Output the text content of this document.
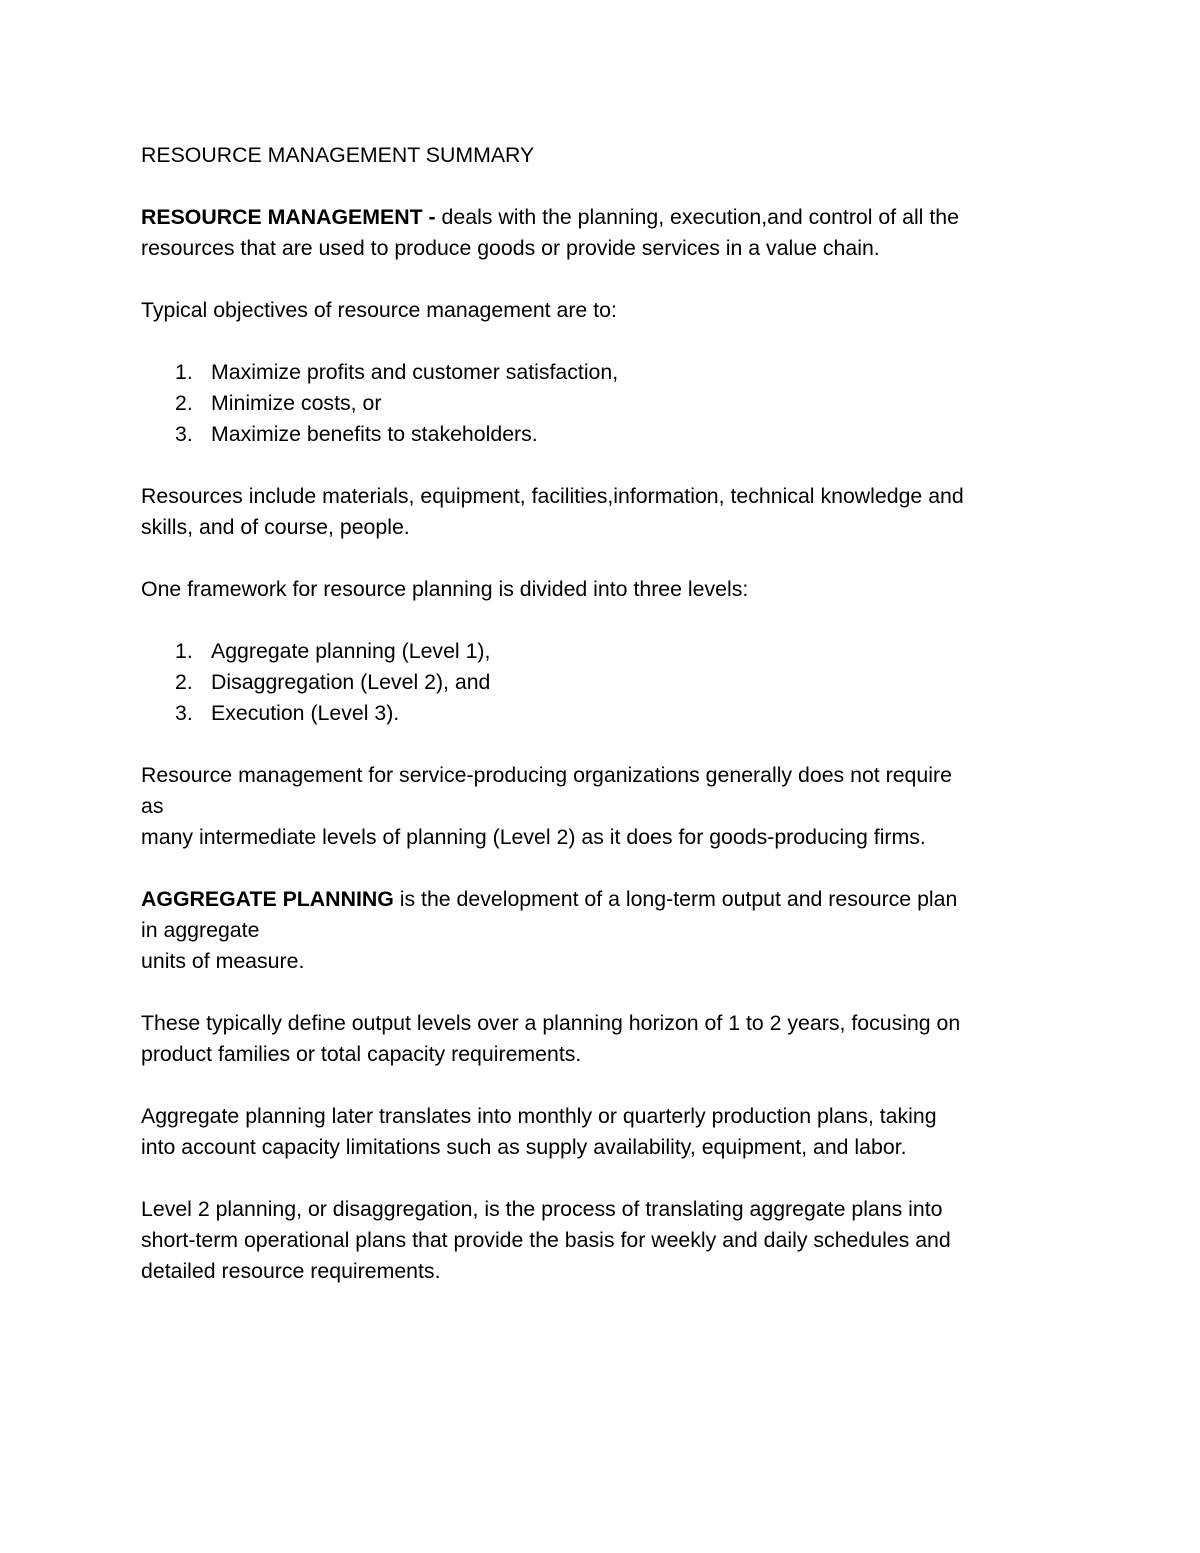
RESOURCE MANAGEMENT SUMMARY
RESOURCE MANAGEMENT - deals with the planning, execution,and control of all the
resources that are used to produce goods or provide services in a value chain.
Typical objectives of resource management are to:
1. Maximize profits and customer satisfaction,
2. Minimize costs, or
3. Maximize benefits to stakeholders.
Resources include materials, equipment, facilities,information, technical knowledge and
skills, and of course, people.
One framework for resource planning is divided into three levels:
1. Aggregate planning (Level 1),
2. Disaggregation (Level 2), and
3. Execution (Level 3).
Resource management for service-producing organizations generally does not require
as
many intermediate levels of planning (Level 2) as it does for goods-producing firms.
AGGREGATE PLANNING is the development of a long-term output and resource plan
in aggregate
units of measure.
These typically define output levels over a planning horizon of 1 to 2 years, focusing on
product families or total capacity requirements.
Aggregate planning later translates into monthly or quarterly production plans, taking
into account capacity limitations such as supply availability, equipment, and labor.
Level 2 planning, or disaggregation, is the process of translating aggregate plans into
short-term operational plans that provide the basis for weekly and daily schedules and
detailed resource requirements.
